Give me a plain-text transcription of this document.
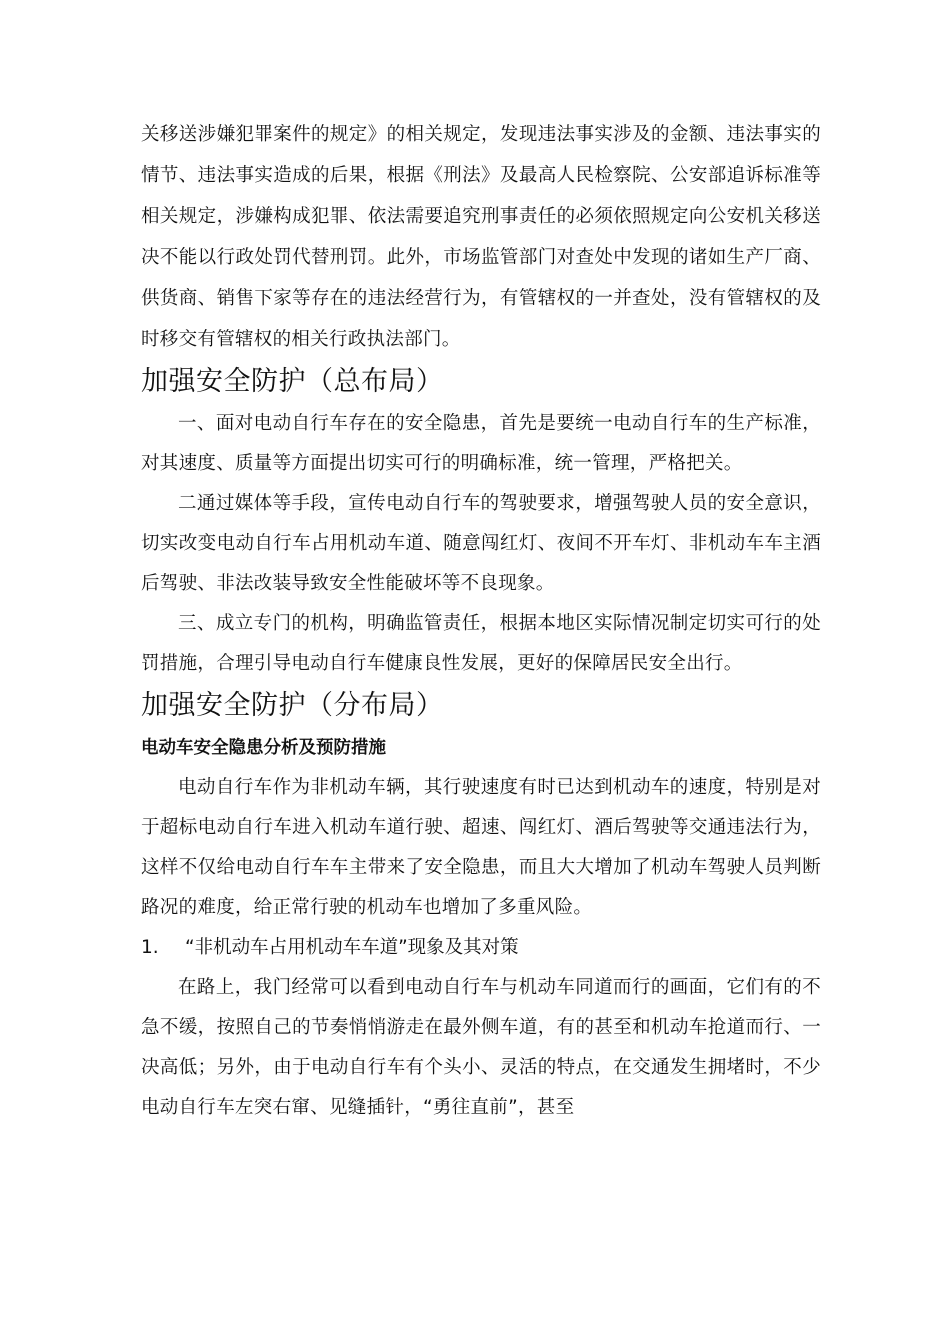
关移送涉嫌犯罪案件的规定》的相关规定，发现违法事实涉及的金额、违法事实的情节、违法事实造成的后果，根据《刑法》及最高人民检察院、公安部追诉标准等相关规定，涉嫌构成犯罪、依法需要追究刑事责任的必须依照规定向公安机关移送决不能以行政处罚代替刑罚。此外，市场监管部门对查处中发现的诸如生产厂商、供货商、销售下家等存在的违法经营行为，有管辖权的一并查处，没有管辖权的及时移交有管辖权的相关行政执法部门。

加强安全防护（总布局）

一、面对电动自行车存在的安全隐患，首先是要统一电动自行车的生产标准，对其速度、质量等方面提出切实可行的明确标准，统一管理，严格把关。

二通过媒体等手段，宣传电动自行车的驾驶要求，增强驾驶人员的安全意识，切实改变电动自行车占用机动车道、随意闯红灯、夜间不开车灯、非机动车车主酒后驾驶、非法改装导致安全性能破坏等不良现象。

三、成立专门的机构，明确监管责任，根据本地区实际情况制定切实可行的处罚措施，合理引导电动自行车健康良性发展，更好的保障居民安全出行。

加强安全防护（分布局）

电动车安全隐患分析及预防措施

电动自行车作为非机动车辆，其行驶速度有时已达到机动车的速度，特别是对于超标电动自行车进入机动车道行驶、超速、闯红灯、酒后驾驶等交通违法行为，这样不仅给电动自行车车主带来了安全隐患，而且大大增加了机动车驾驶人员判断路况的难度，给正常行驶的机动车也增加了多重风险。

1. “非机动车占用机动车车道”现象及其对策

在路上，我门经常可以看到电动自行车与机动车同道而行的画面，它们有的不急不缓，按照自己的节奏悄悄游走在最外侧车道，有的甚至和机动车抢道而行、一决高低；另外，由于电动自行车有个头小、灵活的特点，在交通发生拥堵时，不少电动自行车左突右窜、见缝插针，“勇往直前”，甚至
